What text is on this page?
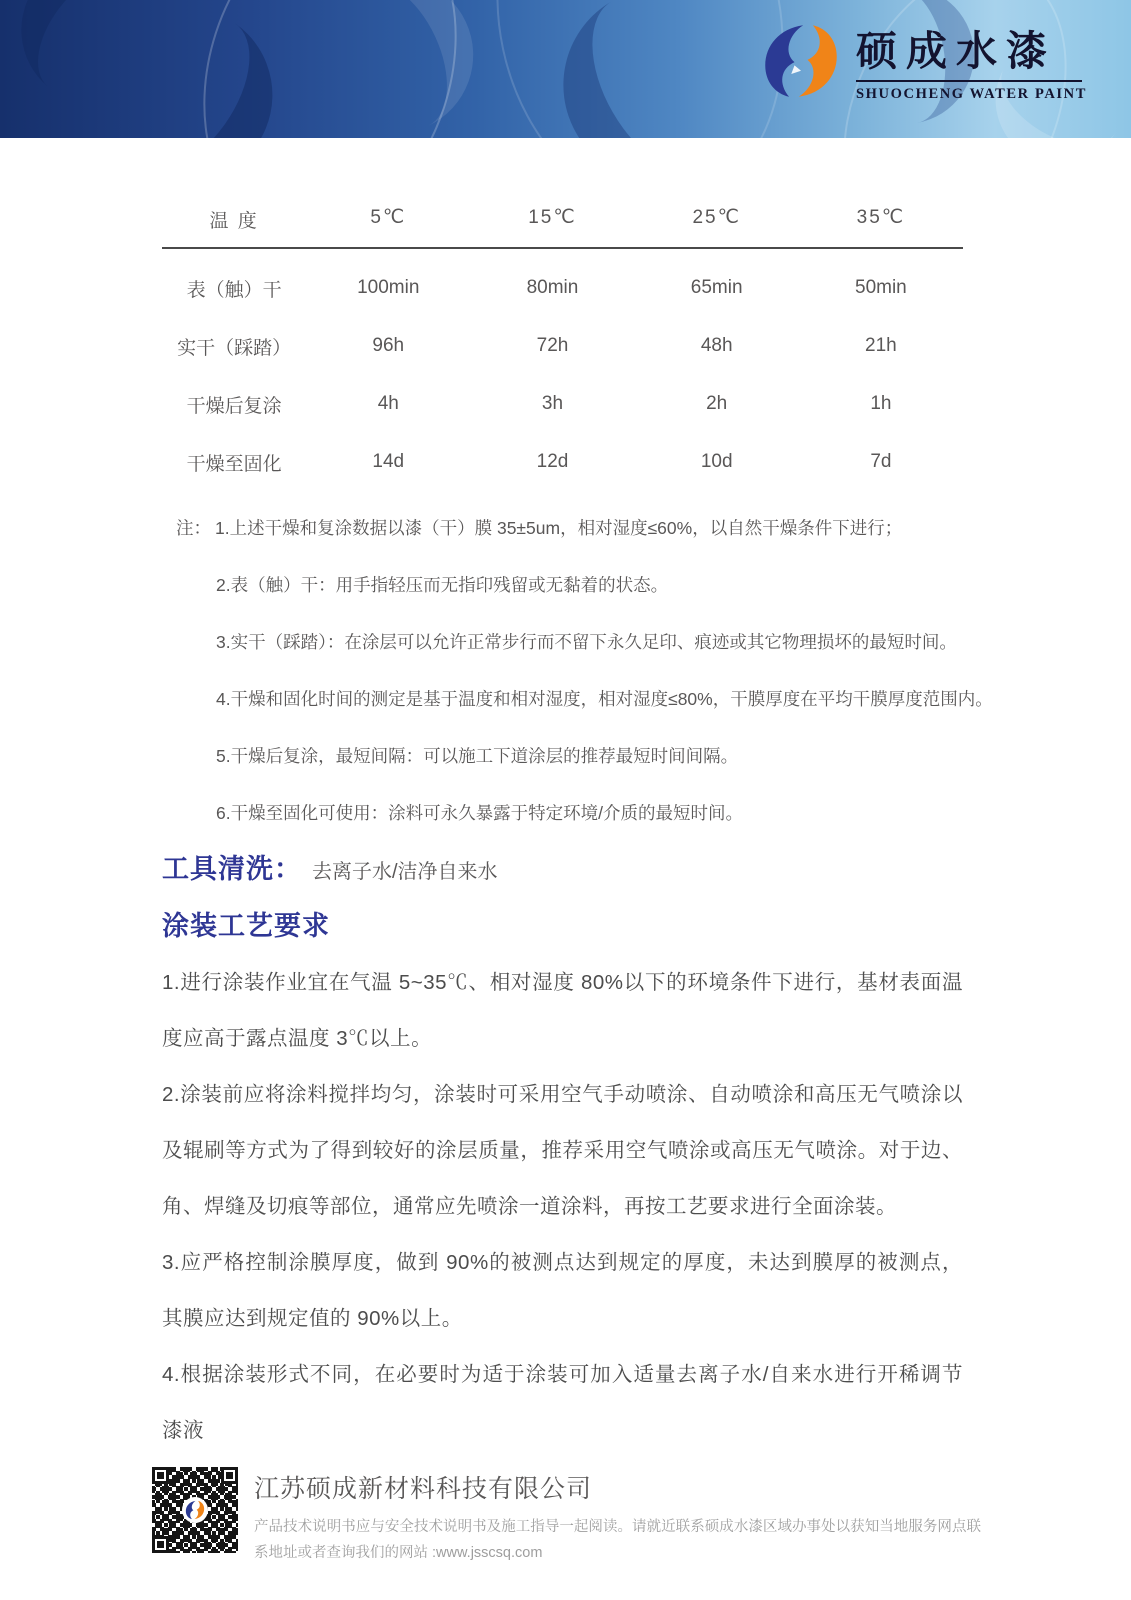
硕成水漆
SHUOCHENG WATER PAINT
温 度	5℃	15℃	25℃	35℃
表（触）干	100min	80min	65min	50min
实干（踩踏）	96h	72h	48h	21h
干燥后复涂	4h	3h	2h	1h
干燥至固化	14d	12d	10d	7d
注： 1.上述干燥和复涂数据以漆（干）膜 35±5um，相对湿度≤60%，以自然干燥条件下进行；
2.表（触）干：用手指轻压而无指印残留或无黏着的状态。
3.实干（踩踏）：在涂层可以允许正常步行而不留下永久足印、痕迹或其它物理损坏的最短时间。
4.干燥和固化时间的测定是基于温度和相对湿度，相对湿度≤80%，干膜厚度在平均干膜厚度范围内。
5.干燥后复涂，最短间隔：可以施工下道涂层的推荐最短时间间隔。
6.干燥至固化可使用：涂料可永久暴露于特定环境/介质的最短时间。
工具清洗： 去离子水/洁净自来水
涂装工艺要求

1.进行涂装作业宜在气温 5~35℃、相对湿度 80%以下的环境条件下进行，基材表面温度应高于露点温度 3℃以上。

2.涂装前应将涂料搅拌均匀，涂装时可采用空气手动喷涂、自动喷涂和高压无气喷涂以及辊刷等方式为了得到较好的涂层质量，推荐采用空气喷涂或高压无气喷涂。对于边、角、焊缝及切痕等部位，通常应先喷涂一道涂料，再按工艺要求进行全面涂装。

3.应严格控制涂膜厚度，做到 90%的被测点达到规定的厚度，未达到膜厚的被测点，其膜应达到规定值的 90%以上。

4.根据涂装形式不同，在必要时为适于涂装可加入适量去离子水/自来水进行开稀调节漆液

江苏硕成新材料科技有限公司
产品技术说明书应与安全技术说明书及施工指导一起阅读。请就近联系硕成水漆区域办事处以获知当地服务网点联系地址或者查询我们的网站 :www.jsscsq.com
